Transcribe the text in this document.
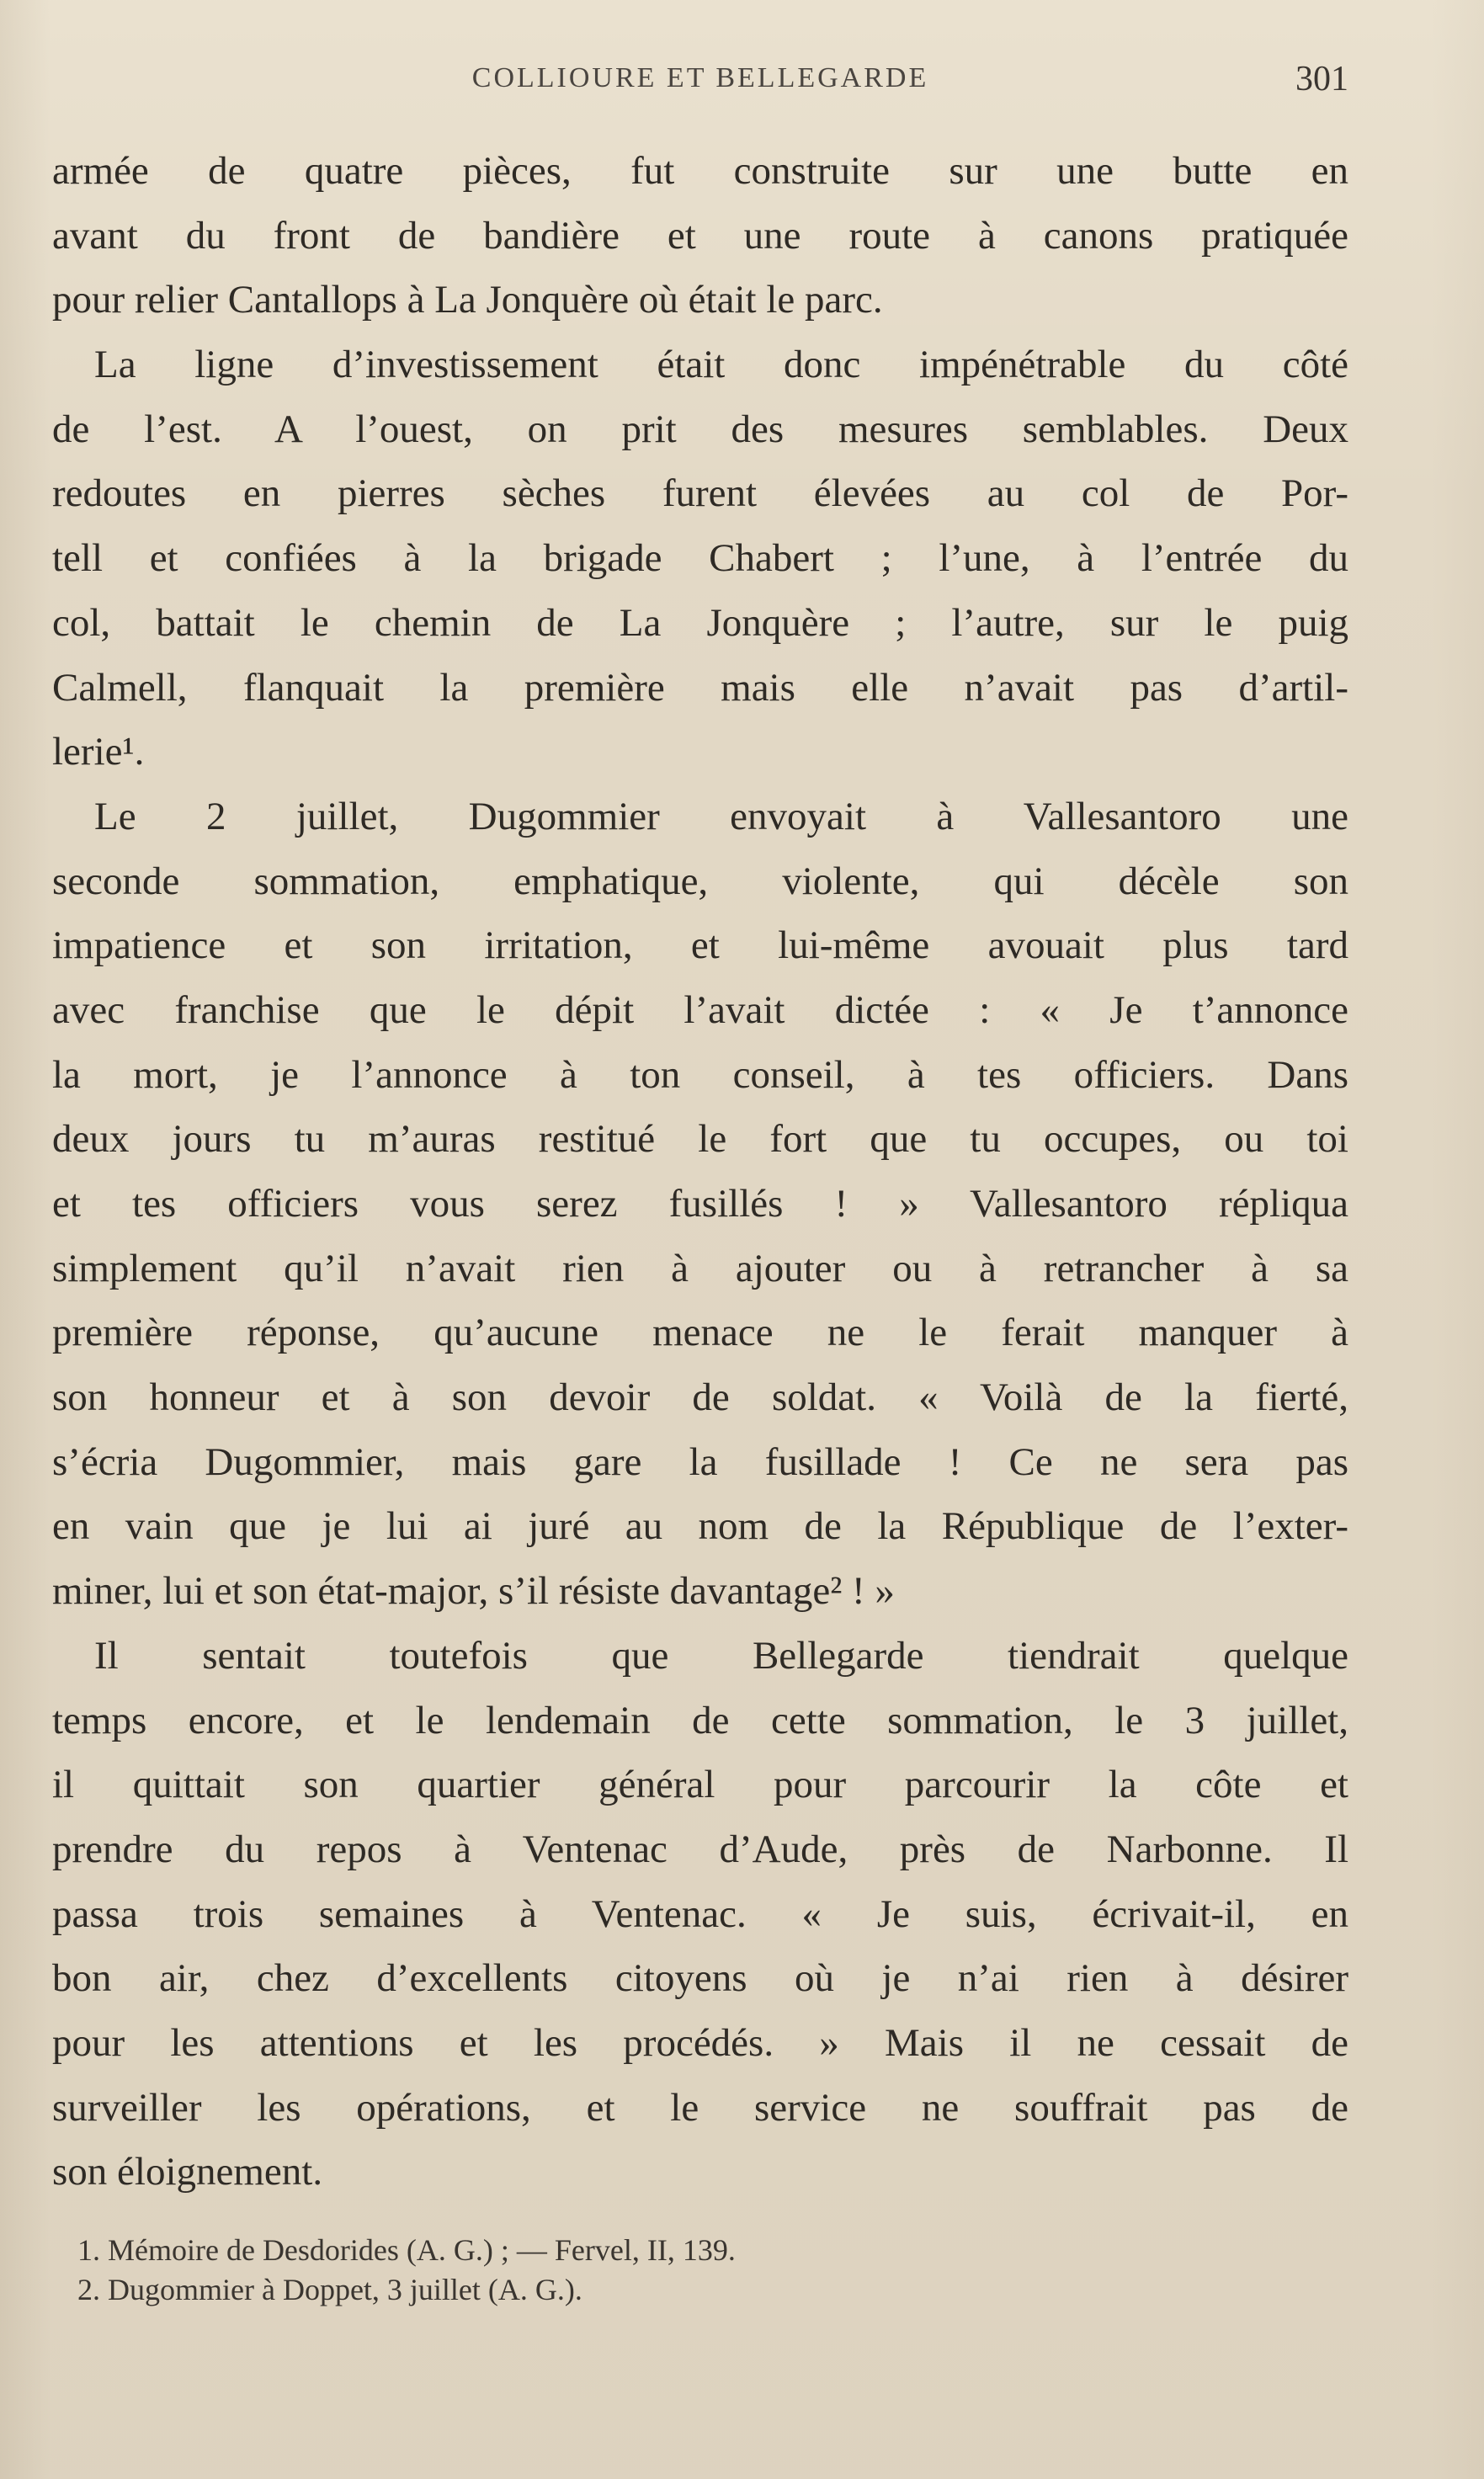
COLLIOURE ET BELLEGARDE	301
armée de quatre pièces, fut construite sur une butte en
avant du front de bandière et une route à canons pratiquée
pour relier Cantallops à La Jonquère où était le parc.
La ligne d’investissement était donc impénétrable du côté
de l’est. A l’ouest, on prit des mesures semblables. Deux
redoutes en pierres sèches furent élevées au col de Por-
tell et confiées à la brigade Chabert ; l’une, à l’entrée du
col, battait le chemin de La Jonquère ; l’autre, sur le puig
Calmell, flanquait la première mais elle n’avait pas d’artil-
lerie¹.
Le 2 juillet, Dugommier envoyait à Vallesantoro une
seconde sommation, emphatique, violente, qui décèle son
impatience et son irritation, et lui-même avouait plus tard
avec franchise que le dépit l’avait dictée : « Je t’annonce
la mort, je l’annonce à ton conseil, à tes officiers. Dans
deux jours tu m’auras restitué le fort que tu occupes, ou toi
et tes officiers vous serez fusillés ! » Vallesantoro répliqua
simplement qu’il n’avait rien à ajouter ou à retrancher à sa
première réponse, qu’aucune menace ne le ferait manquer à
son honneur et à son devoir de soldat. « Voilà de la fierté,
s’écria Dugommier, mais gare la fusillade ! Ce ne sera pas
en vain que je lui ai juré au nom de la République de l’exter-
miner, lui et son état-major, s’il résiste davantage² ! »
Il sentait toutefois que Bellegarde tiendrait quelque
temps encore, et le lendemain de cette sommation, le 3 juillet,
il quittait son quartier général pour parcourir la côte et
prendre du repos à Ventenac d’Aude, près de Narbonne. Il
passa trois semaines à Ventenac. « Je suis, écrivait-il, en
bon air, chez d’excellents citoyens où je n’ai rien à désirer
pour les attentions et les procédés. » Mais il ne cessait de
surveiller les opérations, et le service ne souffrait pas de
son éloignement.
1. Mémoire de Desdorides (A. G.) ; — Fervel, II, 139.
2. Dugommier à Doppet, 3 juillet (A. G.).
